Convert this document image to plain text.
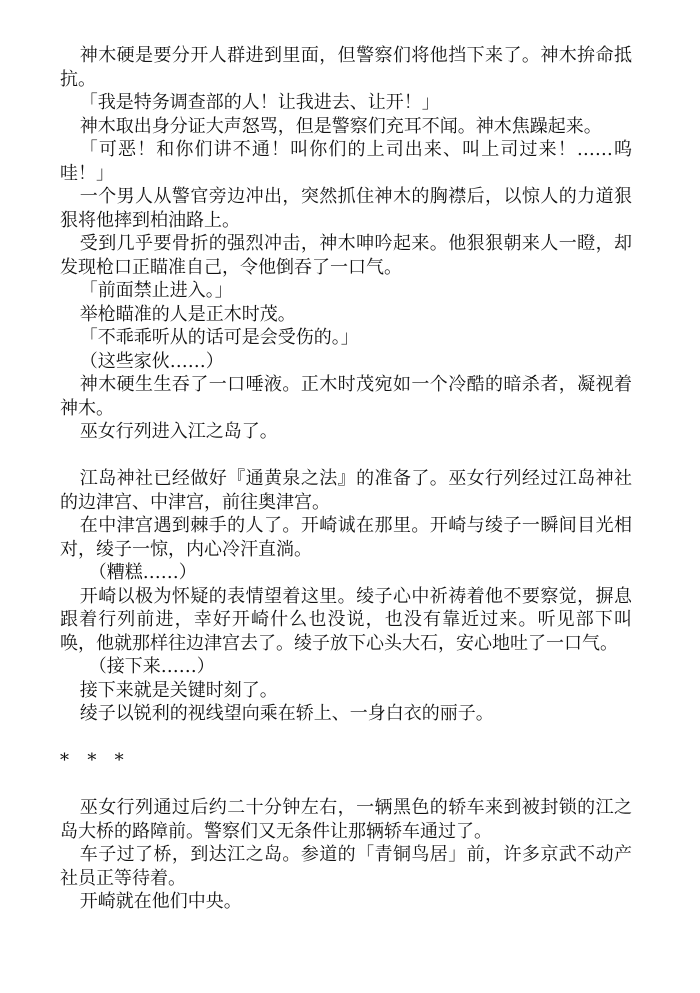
神木硬是要分开人群进到里面，但警察们将他挡下来了。神木拚命抵抗。

「我是特务调查部的人！让我进去、让开！」

神木取出身分证大声怒骂，但是警察们充耳不闻。神木焦躁起来。

「可恶！和你们讲不通！叫你们的上司出来、叫上司过来！……呜哇！」

一个男人从警官旁边冲出，突然抓住神木的胸襟后，以惊人的力道狠狠将他摔到柏油路上。

受到几乎要骨折的强烈冲击，神木呻吟起来。他狠狠朝来人一瞪，却发现枪口正瞄准自己，令他倒吞了一口气。

「前面禁止进入。」

举枪瞄准的人是正木时茂。

「不乖乖听从的话可是会受伤的。」

（这些家伙……）

神木硬生生吞了一口唾液。正木时茂宛如一个冷酷的暗杀者，凝视着神木。

巫女行列进入江之岛了。

江岛神社已经做好『通黄泉之法』的准备了。巫女行列经过江岛神社的边津宫、中津宫，前往奥津宫。

在中津宫遇到棘手的人了。开崎诚在那里。开崎与绫子一瞬间目光相对，绫子一惊，内心冷汗直淌。

（糟糕……）

开崎以极为怀疑的表情望着这里。绫子心中祈祷着他不要察觉，摒息跟着行列前进，幸好开崎什么也没说，也没有靠近过来。听见部下叫唤，他就那样往边津宫去了。绫子放下心头大石，安心地吐了一口气。

（接下来……）

接下来就是关键时刻了。

绫子以锐利的视线望向乘在轿上、一身白衣的丽子。

* * *

巫女行列通过后约二十分钟左右，一辆黑色的轿车来到被封锁的江之岛大桥的路障前。警察们又无条件让那辆轿车通过了。

车子过了桥，到达江之岛。参道的「青铜鸟居」前，许多京武不动产社员正等待着。

开崎就在他们中央。
